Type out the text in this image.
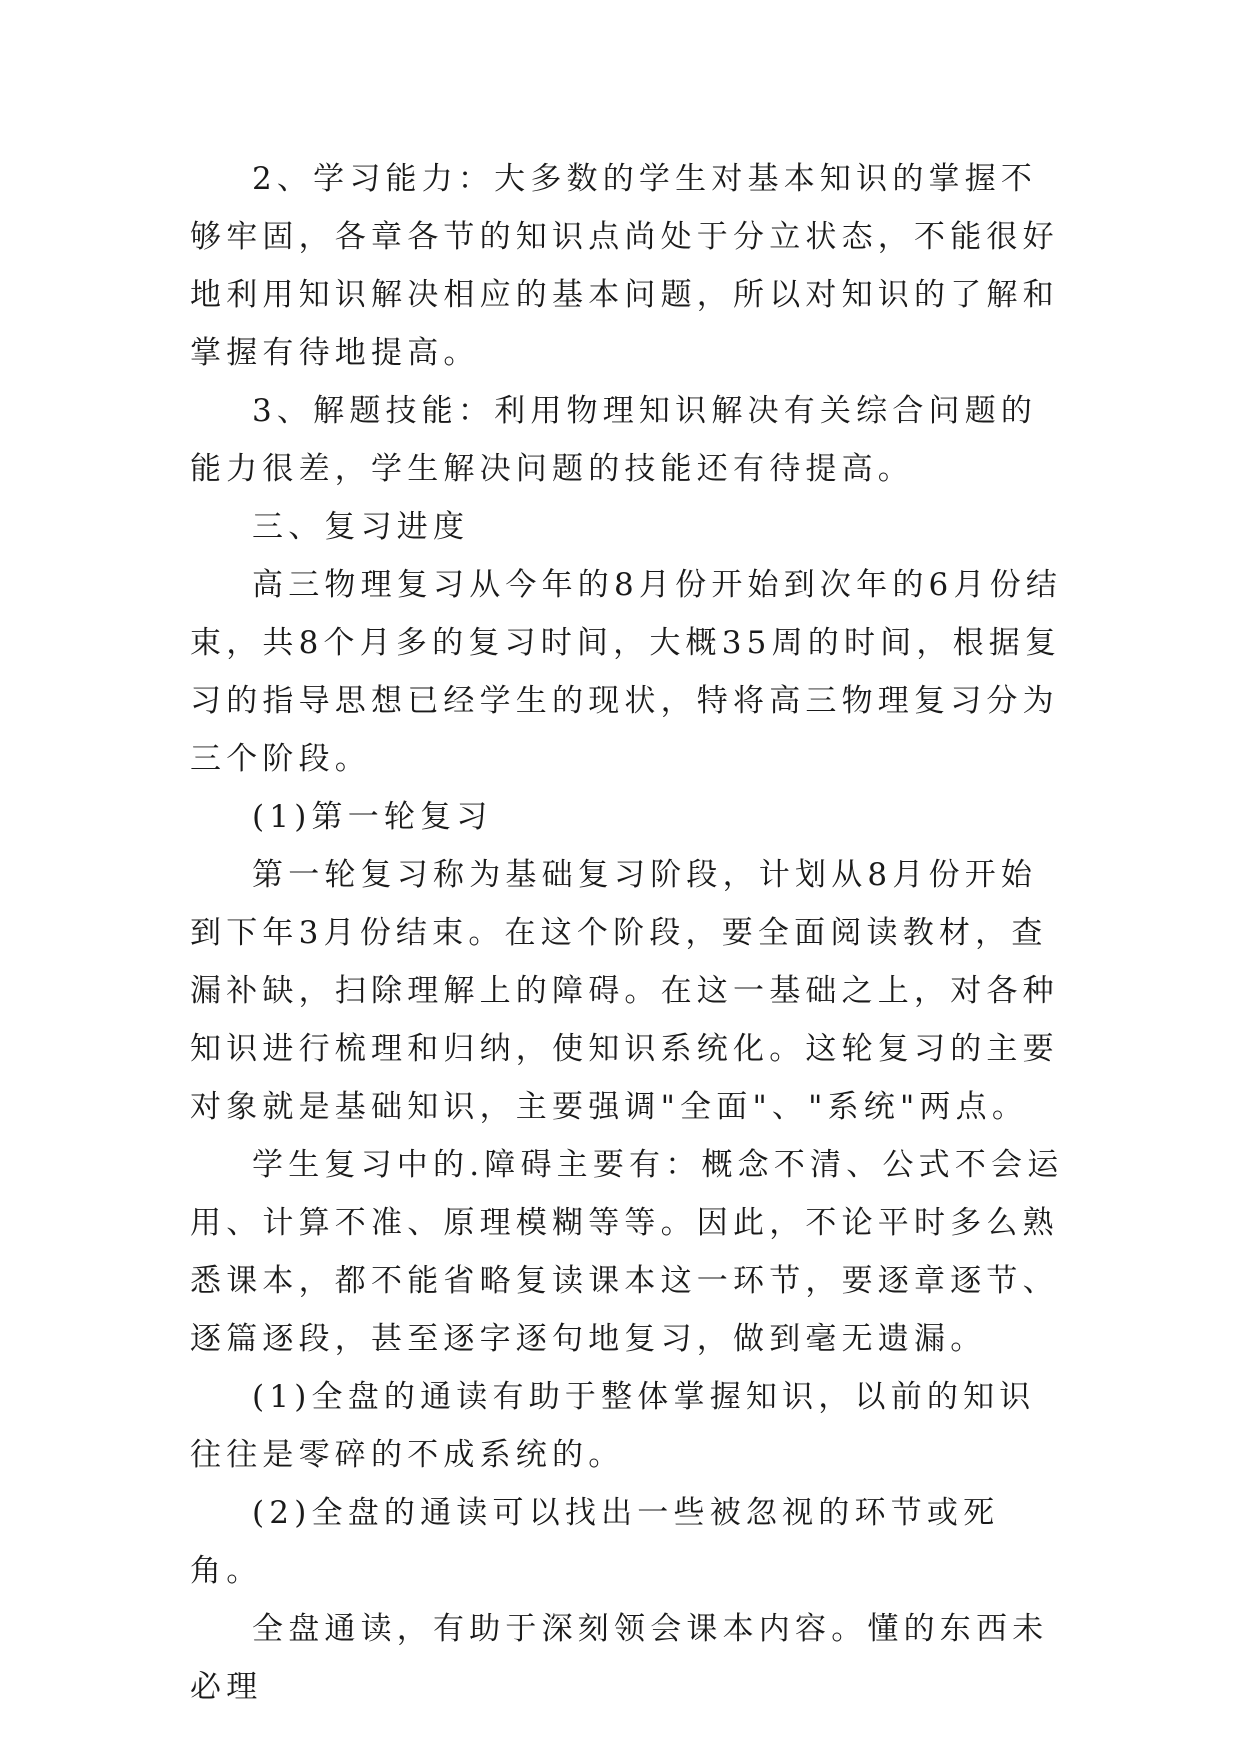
2、学习能力：大多数的学生对基本知识的掌握不够牢固，各章各节的知识点尚处于分立状态，不能很好地利用知识解决相应的基本问题，所以对知识的了解和掌握有待地提高。

3、解题技能：利用物理知识解决有关综合问题的能力很差，学生解决问题的技能还有待提高。

三、复习进度

高三物理复习从今年的8月份开始到次年的6月份结束，共8个月多的复习时间，大概35周的时间，根据复习的指导思想已经学生的现状，特将高三物理复习分为三个阶段。

(1)第一轮复习

第一轮复习称为基础复习阶段，计划从8月份开始到下年3月份结束。在这个阶段，要全面阅读教材，查漏补缺，扫除理解上的障碍。在这一基础之上，对各种知识进行梳理和归纳，使知识系统化。这轮复习的主要对象就是基础知识，主要强调"全面"、"系统"两点。

学生复习中的.障碍主要有：概念不清、公式不会运用、计算不准、原理模糊等等。因此，不论平时多么熟悉课本，都不能省略复读课本这一环节，要逐章逐节、逐篇逐段，甚至逐字逐句地复习，做到毫无遗漏。

(1)全盘的通读有助于整体掌握知识，以前的知识往往是零碎的不成系统的。

(2)全盘的通读可以找出一些被忽视的环节或死角。

全盘通读，有助于深刻领会课本内容。懂的东西未必理
